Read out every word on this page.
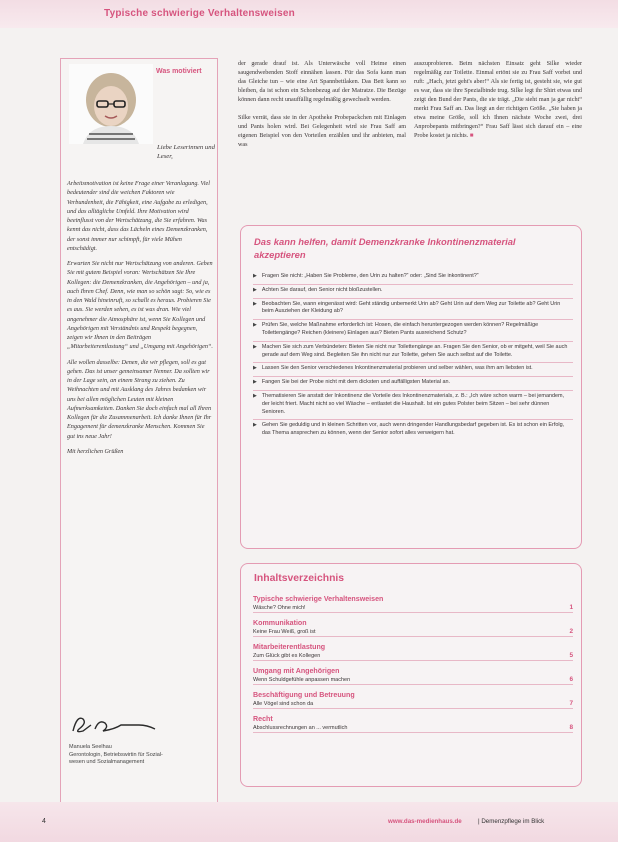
Typische schwierige Verhaltensweisen
Was motiviert
Liebe Leserinnen und Leser,

Arbeitsmotivation ist keine Frage einer Veranlagung. Viel bedeutender sind die weichen Faktoren wie Verbundenheit, die Fähigkeit, eine Aufgabe zu erledigen, und das alltägliche Umfeld. Ihre Motivation wird beeinflusst von der Wertschätzung, die Sie erfahren. Was kennt das nicht, dass das Lächeln eines Demenzkranken, der sonst immer nur schimpft, für viele Mühen entschädigt.

Erwarten Sie nicht nur Wertschätzung von anderen. Geben Sie mit gutem Beispiel voran: Wertschätzen Sie Ihre Kollegen: die Demenzkranken, die Angehörigen – und ja, auch Ihren Chef. Denn, wie man so schön sagt: So, wie es in den Wald hineinruft, so schallt es heraus. Probieren Sie es aus. Sie werden sehen, es ist was dran. Wie viel angenehmer die Atmosphäre ist, wenn Sie Kollegen und Angehörigen mit Verständnis und Respekt begegnen, zeigen wir Ihnen in den Beiträgen „Mitarbeiterentlastung“ und „Umgang mit Angehörigen“.

Alle wollen dasselbe: Denen, die wir pflegen, soll es gut gehen. Das ist unser gemeinsamer Nenner. Da sollten wir in der Lage sein, an einem Strang zu ziehen. Zu Weihnachten und mit Ausklang des Jahres bedanken wir uns bei allen möglichen Leuten mit kleinen Aufmerksamkeiten. Danken Sie doch einfach mal all Ihren Kollegen für die Zusammenarbeit. Ich danke Ihnen für Ihr Engagement für demenzkranke Menschen. Kommen Sie gut ins neue Jahr!

Mit herzlichen Grüßen

Manuela Seelhau
Gerontologin, Betriebswirtin für Sozial-
wesen und Sozialmanagement
der gerade drauf ist. Als Unterwäsche voll Heime einen saugendwebenden Stoff einnähen lassen. Für das Sofa kann man das Gleiche tun – wie eine Art Spannbettlaken. Das Bett kann so bleiben, da ist schon ein Schonbezug auf der Matratze. Die Bezüge können dann recht unauffällig regelmäßig gewechselt werden.

Silke verrät, dass sie in der Apotheke Probepackchen mit Einlagen und Pants holen wird. Bei Gelegenheit wird sie Frau Saff am eigenen Beispiel von den Vorteilen erzählen und ihr anbieten, mal was
auszuprobieren. Beim nächsten Einsatz geht Silke wieder regelmäßig zur Toilette. Einmal ertönt sie zu Frau Saff vorbei und ruft: „Hach, jetzt geht's aber!“ Als sie fertig ist, gesteht sie, wie gut es war, dass sie ihre Spezialbinde trug. Silke legt ihr Shirt etwas und zeigt den Bund der Pants, die sie trägt. „Die sieht man ja gar nicht“ merkt Frau Saff an. Das liegt an der richtigen Größe. „Sie haben ja etwa meine Größe, soll ich Ihnen nächste Woche zwei, drei Anprobepants mitbringen?“ Frau Saff lässt sich darauf ein – eine Probe kostet ja nichts. ■
Das kann helfen, damit Demenzkranke Inkontinenzmaterial akzeptieren
▶ Fragen Sie nicht: „Haben Sie Probleme, den Urin zu halten?“ oder: „Sind Sie inkontinent?“
▶ Achten Sie darauf, den Senior nicht bloßzustellen.
▶ Beobachten Sie, wann eingenässt wird: Geht ständig unbemerkt Urin ab? Geht Urin auf dem Weg zur Toilette ab? Geht Urin beim Ausziehen der Kleidung ab?
▶ Prüfen Sie, welche Maßnahme erforderlich ist: Hosen, die einfach heruntergezogen werden können? Regelmäßige Toilettengänge? Reichen (kleinere) Einlagen aus? Bieten Pants ausreichend Schutz?
▶ Machen Sie sich zum Verbündeten: Bieten Sie nicht nur Toilettengänge an. Fragen Sie den Senior, ob er mitgeht, weil Sie auch gerade auf dem Weg sind. Begleiten Sie ihn nicht nur zur Toilette, gehen Sie auch selbst auf die Toilette.
▶ Lassen Sie den Senior verschiedenes Inkontinenzmaterial probieren und selber wählen, was ihm am liebsten ist.
▶ Fangen Sie bei der Probe nicht mit dem dicksten und auffälligsten Material an.
▶ Thematisieren Sie anstatt der Inkontinenz die Vorteile des Inkontinenzmaterials, z. B.: „Ich wäre schon warm – bei jemandem, der leicht friert. Macht nicht so viel Wäsche – entlastet die Haushalt. Ist ein gutes Polster beim Sitzen – bei sehr dünnen Senioren.
▶ Gehen Sie geduldig und in kleinen Schritten vor, auch wenn dringender Handlungsbedarf gegeben ist. Es ist schon ein Erfolg, das Thema ansprechen zu können, wenn der Senior sofort alles verweigern hat.
Inhaltsverzeichnis
Typische schwierige Verhaltensweisen
Wäsche? Ohne mich!	1
Kommunikation
Keine Frau Weiß, groß ist	2
Mitarbeiterentlastung
Zum Glück gibt es Kollegen	5
Umgang mit Angehörigen
Wenn Schuldgefühle anpassen machen	6
Beschäftigung und Betreuung
Alle Vögel sind schon da	7
Recht
Abschlussrechnungen an ... vermutlich	8
4	www.das-medienhaus.de	| Demenzpflege im Blick
